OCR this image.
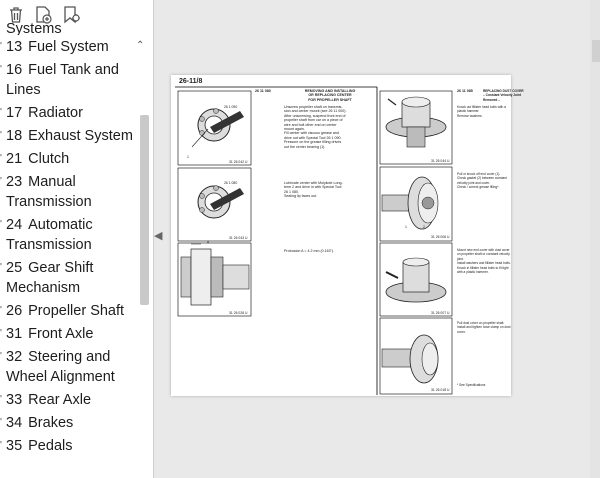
Systems
' 13 Fuel System
' 16 Fuel Tank and
Lines
' 17 Radiator
' 18 Exhaust System
' 21 Clutch
' 23 Manual
Transmission
' 24 Automatic
Transmission
' 25 Gear Shift
Mechanism
' 26 Propeller Shaft
' 31 Front Axle
' 32 Steering and
Wheel Alignment
' 33 Rear Axle
' 34 Brakes
' 35 Pedals
⌃
◀
26-11/8
1
26 1 090
31 26 042 U
26 11 080	REMOVING AND INSTALLING
OR REPLACING CENTER
FOR PROPELLER SHAFT
Unscrew propeller shaft on transmis-
sion and center mount (see 26 11 000).
After unscrewing, suspend front end of
propeller shaft from car on a piece of
wire and bolt other end on center
mount again.
Fill center with viscous grease and
drive out with Special Tool 26 1 090.
Pressure on the grease filling drives
out the center bearing (1).
26 1 080
31 26 043 U
Lubricate center with Molykote Long-
term 2 and drive in with Special Tool
26 1 080.
Sealing lip faces out.
A
31 26 026 U
Protrusion A = 4.2 mm (0.163").
31 26 044 U
26 11 085	REPLACING DUST COVER
– Constant Velocity Joint
Removed –
Knock out fillister head bolts with a
plastic hammer.
Remove washers.
1	2
31 26 006 U
Pull or knock off end cover (1).
Check gasket (2) between constant
velocity joint and cover.
Check / correct grease filling*.
31 26 007 U
Mount new end cover with dust cover
on propeller shaft or constant velocity
joint.
Install washers and fillister head bolts.
Knock in fillister head bolts to fit tight
with a plastic hammer.
31 26 018 U
Pull dust cover on propeller shaft.
Install and tighten hose clamp on dust
cover.
* See Specifications
